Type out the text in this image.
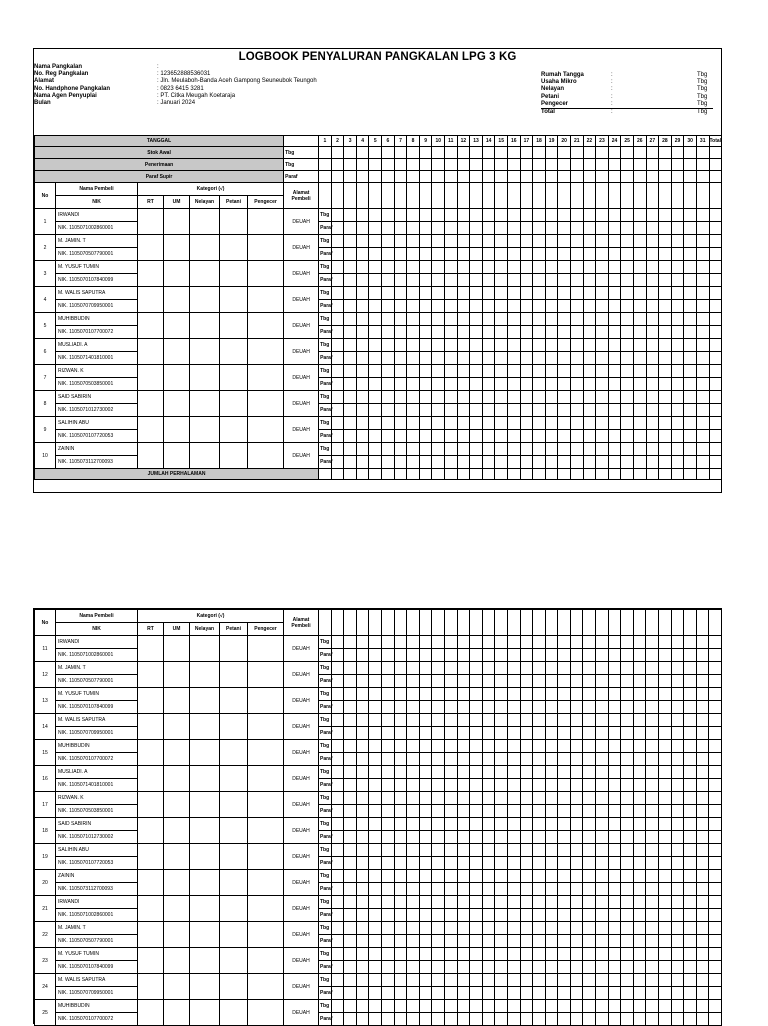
LOGBOOK PENYALURAN PANGKALAN LPG 3 KG
Nama Pangkalan	:
No. Reg Pangkalan	: 123652888536031
Alamat	: Jln. Meulaboh-Banda Aceh Gampong Seuneubok Teungoh
No. Handphone Pangkalan	: 0823 6415 3281
Nama Agen Penyuplai	: PT. Citka Meugah Koetaraja
Bulan	: Januari 2024
Rumah Tangga	:	Tbg
Usaha Mikro	:	Tbg
Nelayan	:	Tbg
Petani	:	Tbg
Pengecer	:	Tbg
Total	:	Tbg
TANGGAL								1	2	3	4	5	6	7	8	9	10	11	12	13	14	15	16	17	18	19	20	21	22	23	24	25	26	27	28	29	30	31	Total
Stok Awal							Tbg																																
Penerimaan							Tbg																																
Paraf Supir							Paraf																																
No	Nama Pembeli	Kategori (√)					Alamat Pembeli																																
	NIK	RT	UM	Nelayan	Petani	Pengecer																																	
1	IRWANDI						DEUAH	Tbg																															
	NIK. 1105071002860001							Paraf																															
2	M. JAMIN. T						DEUAH	Tbg																															
	NIK. 1105070507790001							Paraf																															
3	M. YUSUF TUMIN						DEUAH	Tbg																															
	NIK. 1105070107840099							Paraf																															
4	M. WALIS SAPUTRA						DEUAH	Tbg																															
	NIK. 1105070709950001							Paraf																															
5	MUHIBBUDIN						DEUAH	Tbg																															
	NIK. 1105070107700072							Paraf																															
6	MUSLIADI. A						DEUAH	Tbg																															
	NIK. 1105071401810001							Paraf																															
7	RIZWAN. K						DEUAH	Tbg																															
	NIK. 1105070503850001							Paraf																															
8	SAID SABIRIN						DEUAH	Tbg																															
	NIK. 1105071012730002							Paraf																															
9	SALIHIN ABU						DEUAH	Tbg																															
	NIK. 1105070107720053							Paraf																															
10	ZAININ						DEUAH	Tbg																															
	NIK. 1105073112700093							Paraf																															
JUMLAH PERHALAMAN																																							
No	Nama Pembeli	Kategori (√)					Alamat Pembeli																																
	NIK	RT	UM	Nelayan	Petani	Pengecer																																	
11	IRWANDI						DEUAH	Tbg																															
	NIK. 1105071002860001							Paraf																															
12	M. JAMIN. T						DEUAH	Tbg																															
	NIK. 1105070507790001							Paraf																															
13	M. YUSUF TUMIN						DEUAH	Tbg																															
	NIK. 1105070107840099							Paraf																															
14	M. WALIS SAPUTRA						DEUAH	Tbg																															
	NIK. 1105070709950001							Paraf																															
15	MUHIBBUDIN						DEUAH	Tbg																															
	NIK. 1105070107700072							Paraf																															
16	MUSLIADI. A						DEUAH	Tbg																															
	NIK. 1105071401810001							Paraf																															
17	RIZWAN. K						DEUAH	Tbg																															
	NIK. 1105070503850001							Paraf																															
18	SAID SABIRIN						DEUAH	Tbg																															
	NIK. 1105071012730002							Paraf																															
19	SALIHIN ABU						DEUAH	Tbg																															
	NIK. 1105070107720053							Paraf																															
20	ZAININ						DEUAH	Tbg																															
	NIK. 1105073112700093							Paraf																															
21	IRWANDI						DEUAH	Tbg																															
	NIK. 1105071002860001							Paraf																															
22	M. JAMIN. T						DEUAH	Tbg																															
	NIK. 1105070507790001							Paraf																															
23	M. YUSUF TUMIN						DEUAH	Tbg																															
	NIK. 1105070107840099							Paraf																															
24	M. WALIS SAPUTRA						DEUAH	Tbg																															
	NIK. 1105070709950001							Paraf																															
25	MUHIBBUDIN						DEUAH	Tbg																															
	NIK. 1105070107700072							Paraf																															
